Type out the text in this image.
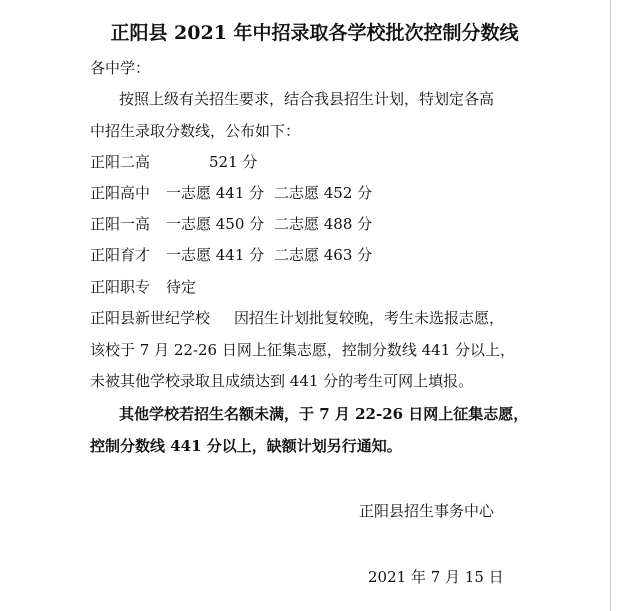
正阳县 2021 年中招录取各学校批次控制分数线
各中学：
按照上级有关招生要求，结合我县招生计划，特划定各高
中招生录取分数线，公布如下：
正阳二高	521 分
正阳高中 一志愿 441 分 二志愿 452 分
正阳一高 一志愿 450 分 二志愿 488 分
正阳育才 一志愿 441 分 二志愿 463 分
正阳职专 待定
正阳县新世纪学校 因招生计划批复较晚，考生未选报志愿，
该校于 7 月 22-26 日网上征集志愿，控制分数线 441 分以上，
未被其他学校录取且成绩达到 441 分的考生可网上填报。
其他学校若招生名额未满，于 7 月 22-26 日网上征集志愿，
控制分数线 441 分以上，缺额计划另行通知。
正阳县招生事务中心
2021 年 7 月 15 日
